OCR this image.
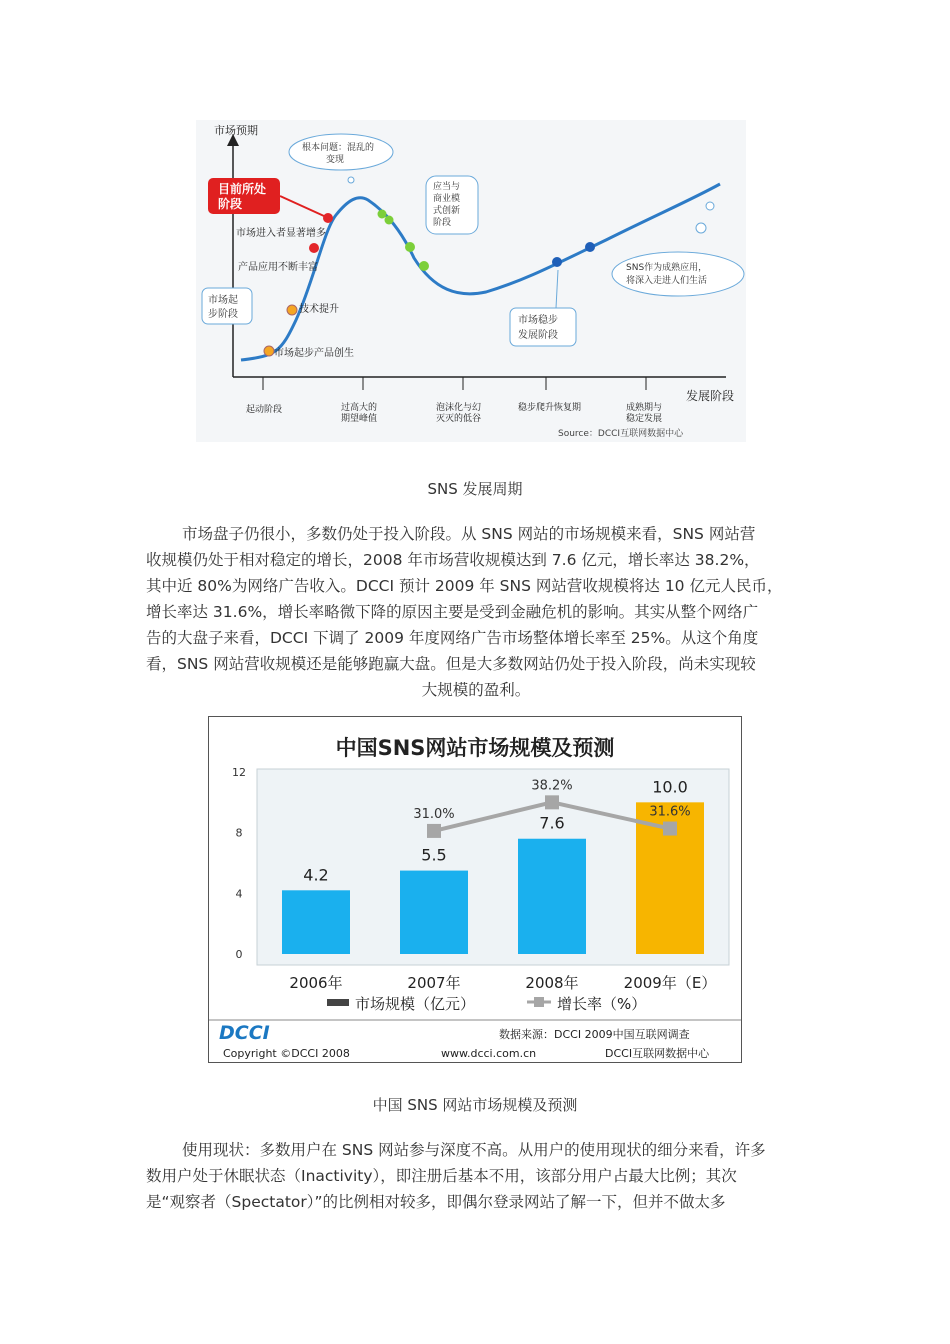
市场预期
发展阶段
市场起步产品创生
技术提升
产品应用不断丰富
市场进入者显著增多
目前所处阶段
根本问题：混乱的变现
应当与商业模式创新阶段
市场起步阶段
市场稳步发展阶段
SNS作为成熟应用，将深入走进人们生活
起动阶段	过高大的期望峰值
泡沫化与幻灭灭的低谷
稳步爬升恢复期	成熟期与稳定发展
Source：DCCI互联网数据中心
SNS 发展周期
市场盘子仍很小，多数仍处于投入阶段。从 SNS 网站的市场规模来看，SNS 网站营
收规模仍处于相对稳定的增长，2008 年市场营收规模达到 7.6 亿元，增长率达 38.2%，
其中近 80%为网络广告收入。DCCI 预计 2009 年 SNS 网站营收规模将达 10 亿元人民币，
增长率达 31.6%，增长率略微下降的原因主要是受到金融危机的影响。其实从整个网络广
告的大盘子来看，DCCI 下调了 2009 年度网络广告市场整体增长率至 25%。从这个角度
看，SNS 网站营收规模还是能够跑赢大盘。但是大多数网站仍处于投入阶段，尚未实现较
大规模的盈利。
中国SNS网站市场规模及预测
0
4
8
12
4.2
5.5
7.6
10.0
31.0%
38.2%
31.6%
2006年	2007年	2008年	2009年（E）
市场规模（亿元）	增长率（%）
DCCI	数据来源：DCCI 2009中国互联网调查
Copyright ©DCCI 2008	www.dcci.com.cn	DCCI互联网数据中心
中国 SNS 网站市场规模及预测
使用现状：多数用户在 SNS 网站参与深度不高。从用户的使用现状的细分来看，许多
数用户处于休眠状态（Inactivity），即注册后基本不用，该部分用户占最大比例；其次
是“观察者（Spectator）”的比例相对较多，即偶尔登录网站了解一下，但并不做太多
